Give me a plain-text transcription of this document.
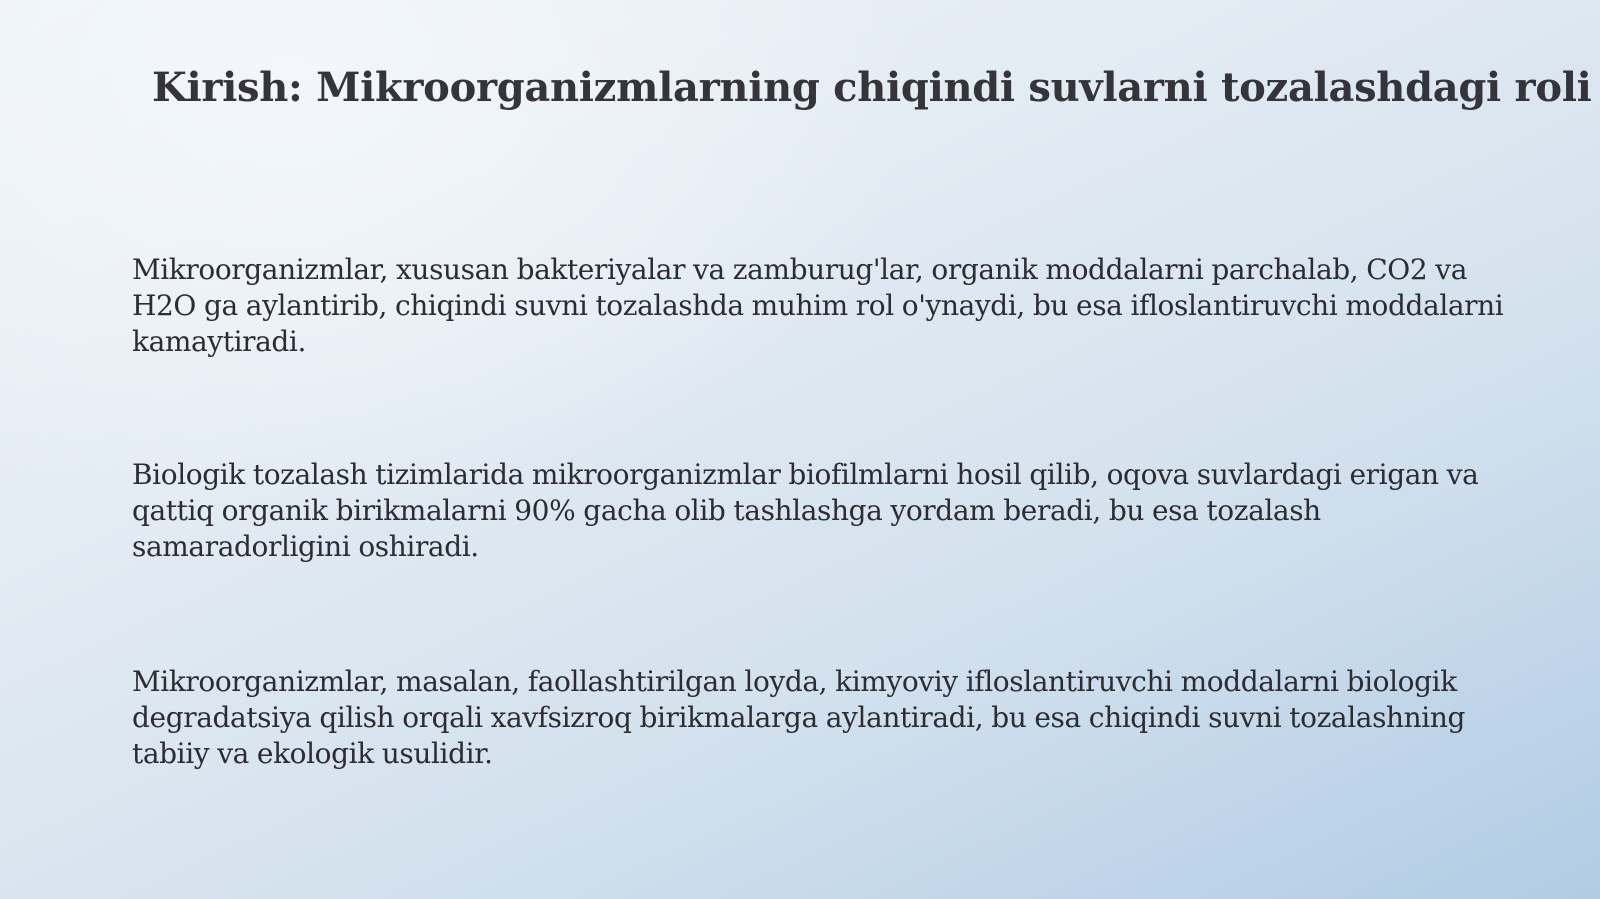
Kirish: Mikroorganizmlarning chiqindi suvlarni tozalashdagi roli

Mikroorganizmlar, xususan bakteriyalar va zamburug'lar, organik moddalarni parchalab, CO2 va H2O ga aylantirib, chiqindi suvni tozalashda muhim rol o'ynaydi, bu esa ifloslantiruvchi moddalarni kamaytiradi.

Biologik tozalash tizimlarida mikroorganizmlar biofilmlarni hosil qilib, oqova suvlardagi erigan va qattiq organik birikmalarni 90% gacha olib tashlashga yordam beradi, bu esa tozalash samaradorligini oshiradi.

Mikroorganizmlar, masalan, faollashtirilgan loyda, kimyoviy ifloslantiruvchi moddalarni biologik degradatsiya qilish orqali xavfsizroq birikmalarga aylantiradi, bu esa chiqindi suvni tozalashning tabiiy va ekologik usulidir.
